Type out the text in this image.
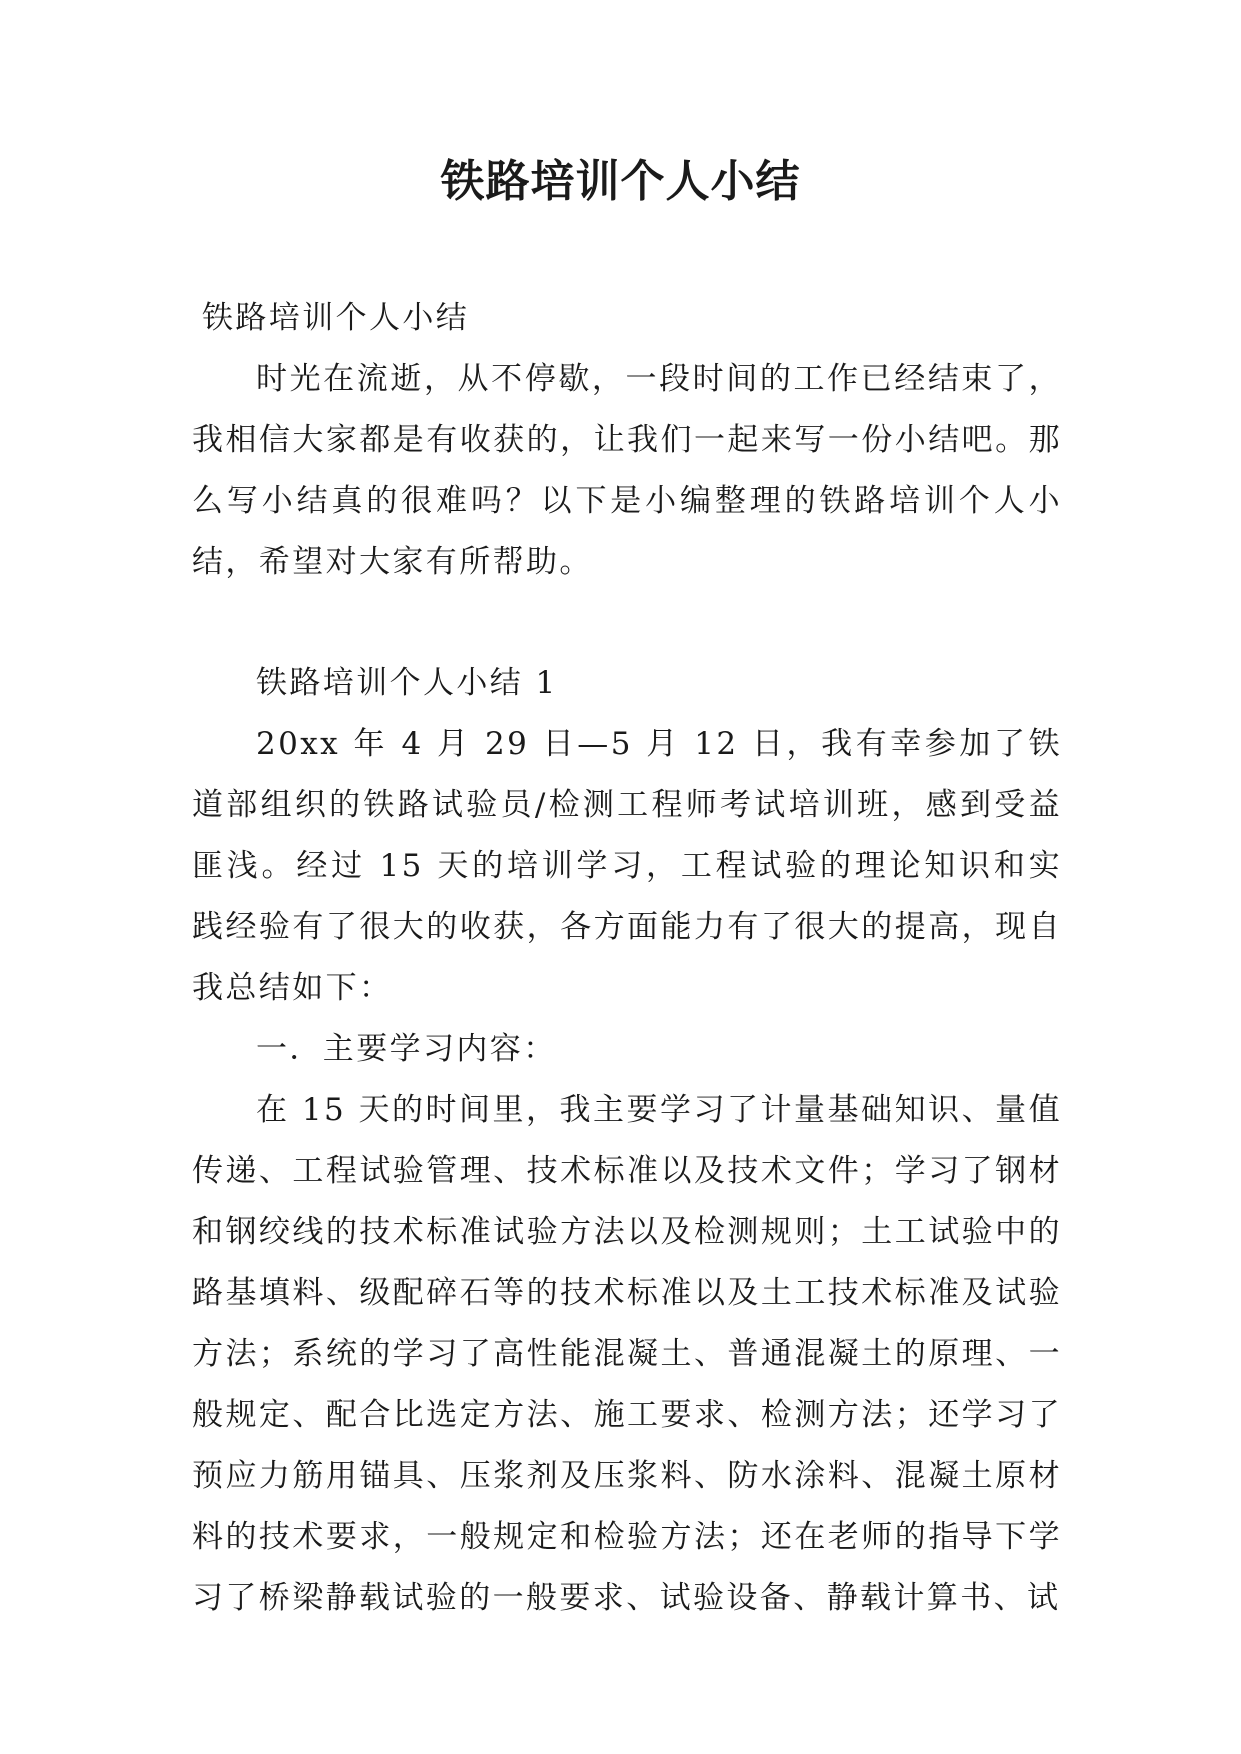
铁路培训个人小结

铁路培训个人小结

时光在流逝，从不停歇，一段时间的工作已经结束了，我相信大家都是有收获的，让我们一起来写一份小结吧。那么写小结真的很难吗？以下是小编整理的铁路培训个人小结，希望对大家有所帮助。

铁路培训个人小结 1

20xx 年 4 月 29 日—5 月 12 日，我有幸参加了铁道部组织的铁路试验员/检测工程师考试培训班，感到受益匪浅。经过 15 天的培训学习，工程试验的理论知识和实践经验有了很大的收获，各方面能力有了很大的提高，现自我总结如下：

一．主要学习内容：

在 15 天的时间里，我主要学习了计量基础知识、量值传递、工程试验管理、技术标准以及技术文件；学习了钢材和钢绞线的技术标准试验方法以及检测规则；土工试验中的路基填料、级配碎石等的技术标准以及土工技术标准及试验方法；系统的学习了高性能混凝土、普通混凝土的原理、一般规定、配合比选定方法、施工要求、检测方法；还学习了预应力筋用锚具、压浆剂及压浆料、防水涂料、混凝土原材料的技术要求，一般规定和检验方法；还在老师的指导下学习了桥梁静载试验的一般要求、试验设备、静载计算书、试
